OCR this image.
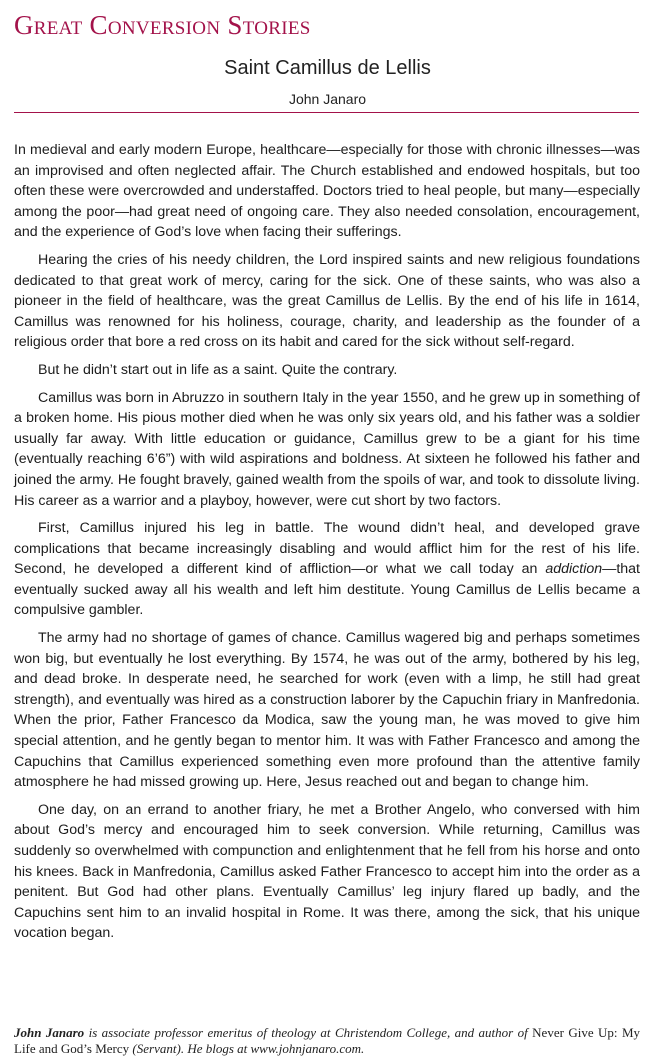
Great Conversion Stories
Saint Camillus de Lellis
John Janaro

In medieval and early modern Europe, healthcare—especially for those with chronic illnesses—was an improvised and often neglected affair. The Church established and endowed hospitals, but too often these were overcrowded and understaffed. Doctors tried to heal people, but many—especially among the poor—had great need of ongoing care. They also needed consolation, encouragement, and the experience of God’s love when facing their sufferings.

Hearing the cries of his needy children, the Lord inspired saints and new religious foundations dedicated to that great work of mercy, caring for the sick. One of these saints, who was also a pioneer in the field of healthcare, was the great Camillus de Lellis. By the end of his life in 1614, Camillus was renowned for his holiness, courage, charity, and leadership as the founder of a religious order that bore a red cross on its habit and cared for the sick without self-regard.

But he didn’t start out in life as a saint. Quite the contrary.

Camillus was born in Abruzzo in southern Italy in the year 1550, and he grew up in something of a broken home. His pious mother died when he was only six years old, and his father was a soldier usually far away. With little education or guidance, Camillus grew to be a giant for his time (eventually reaching 6’6”) with wild aspirations and boldness. At sixteen he followed his father and joined the army. He fought bravely, gained wealth from the spoils of war, and took to dissolute living. His career as a warrior and a playboy, however, were cut short by two factors.

First, Camillus injured his leg in battle. The wound didn’t heal, and developed grave complications that became increasingly disabling and would afflict him for the rest of his life. Second, he developed a different kind of affliction—or what we call today an addiction—that eventually sucked away all his wealth and left him destitute. Young Camillus de Lellis became a compulsive gambler.

The army had no shortage of games of chance. Camillus wagered big and perhaps sometimes won big, but eventually he lost everything. By 1574, he was out of the army, bothered by his leg, and dead broke. In desperate need, he searched for work (even with a limp, he still had great strength), and eventually was hired as a construction laborer by the Capuchin friary in Manfredonia. When the prior, Father Francesco da Modica, saw the young man, he was moved to give him special attention, and he gently began to mentor him. It was with Father Francesco and among the Capuchins that Camillus experienced something even more profound than the attentive family atmosphere he had missed growing up. Here, Jesus reached out and began to change him.

One day, on an errand to another friary, he met a Brother Angelo, who conversed with him about God’s mercy and encouraged him to seek conversion. While returning, Camillus was suddenly so overwhelmed with compunction and enlightenment that he fell from his horse and onto his knees. Back in Manfredonia, Camillus asked Father Francesco to accept him into the order as a penitent. But God had other plans. Eventually Camillus’ leg injury flared up badly, and the Capuchins sent him to an invalid hospital in Rome. It was there, among the sick, that his unique vocation began.

John Janaro is associate professor emeritus of theology at Christendom College, and author of Never Give Up: My Life and God’s Mercy (Servant). He blogs at www.johnjanaro.com.
